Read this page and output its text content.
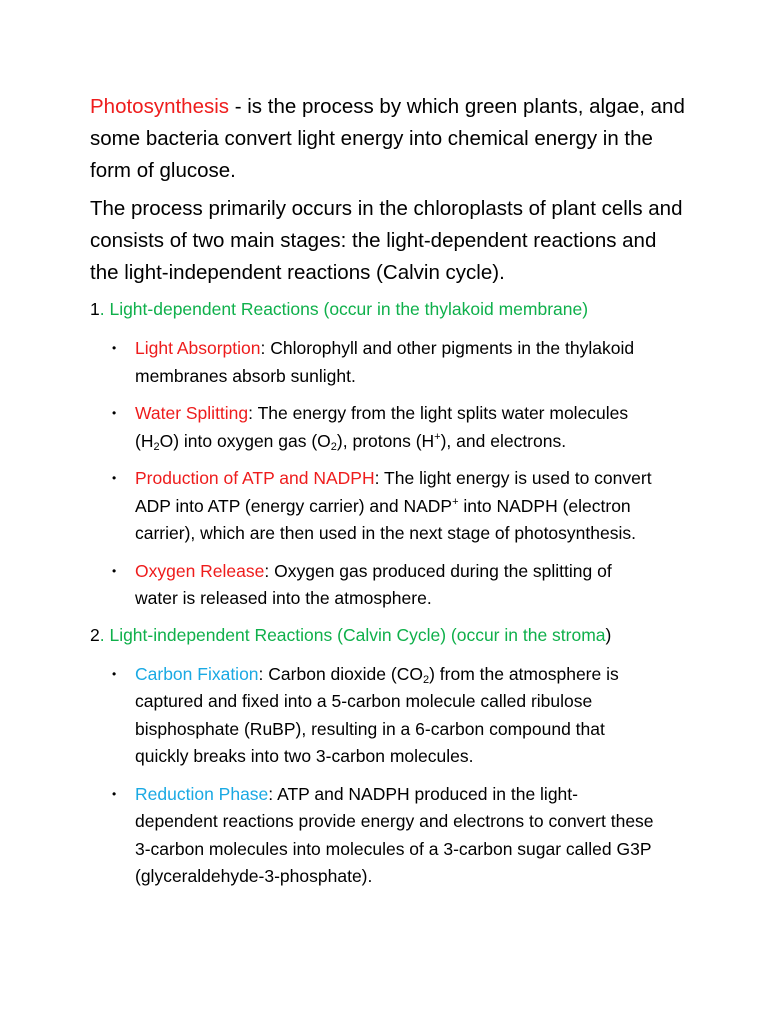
Photosynthesis - is the process by which green plants, algae, and some bacteria convert light energy into chemical energy in the form of glucose.

The process primarily occurs in the chloroplasts of plant cells and consists of two main stages: the light-dependent reactions and the light-independent reactions (Calvin cycle).

1. Light-dependent Reactions (occur in the thylakoid membrane)
• Light Absorption: Chlorophyll and other pigments in the thylakoid membranes absorb sunlight.
• Water Splitting: The energy from the light splits water molecules $(H_2O)$ into oxygen gas $(O_2)$, protons (H+), and electrons.
• Production of ATP and NADPH: The light energy is used to convert ADP into ATP (energy carrier) and NADP+ into NADPH (electron carrier), which are then used in the next stage of photosynthesis.
• Oxygen Release: Oxygen gas produced during the splitting of water is released into the atmosphere.
2. Light-independent Reactions (Calvin Cycle) (occur in the stroma)
• Carbon Fixation: Carbon dioxide $(CO_2)$ from the atmosphere is captured and fixed into a 5-carbon molecule called ribulose bisphosphate (RuBP), resulting in a 6-carbon compound that quickly breaks into two 3-carbon molecules.
• Reduction Phase: ATP and NADPH produced in the light-dependent reactions provide energy and electrons to convert these 3-carbon molecules into molecules of a 3-carbon sugar called G3P (glyceraldehyde-3-phosphate).
